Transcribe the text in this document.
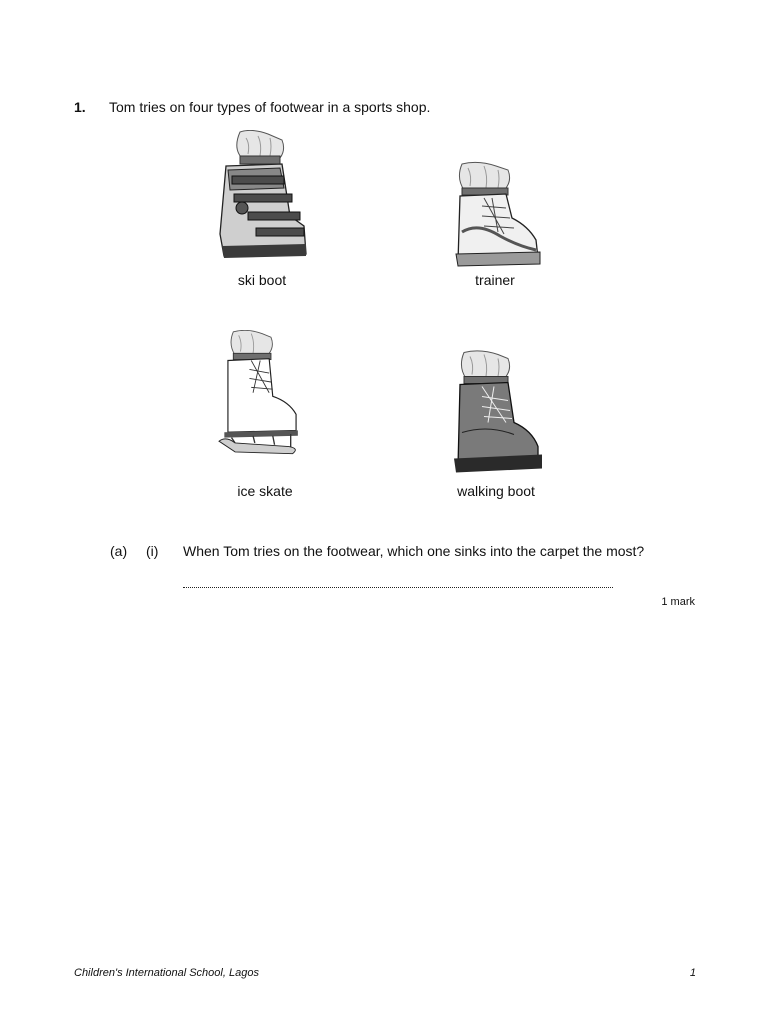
1. Tom tries on four types of footwear in a sports shop.
ski boot	trainer
ice skate	walking boot
(a) (i) When Tom tries on the footwear, which one sinks into the carpet the most?
1 mark
Children's International School, Lagos	1
